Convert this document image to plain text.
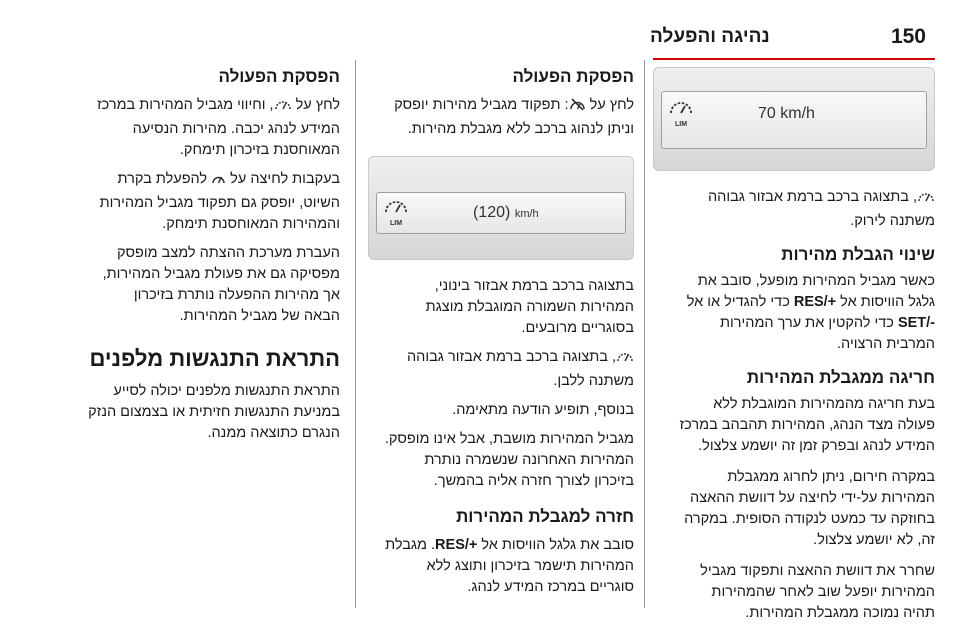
150
נהיגה והפעלה
LIM
70 km/h

, בתצוגה ברכב ברמת אבזור גבוהה
משתנה לירוק.

שינוי הגבלת מהירות

כאשר מגביל המהירות מופעל, סובב את
גלגל הוויסות אל RES/+ כדי להגדיל או אל
SET/- כדי להקטין את ערך המהירות
המרבית הרצויה.

חריגה ממגבלת המהירות

בעת חריגה מהמהירות המוגבלת ללא
פעולה מצד הנהג, המהירות תהבהב במרכז
המידע לנהג ובפרק זמן זה יושמע צלצול.

במקרה חירום, ניתן לחרוג ממגבלת
המהירות על-ידי לחיצה על דוושת ההאצה
בחוזקה עד כמעט לנקודה הסופית. במקרה
זה, לא יושמע צלצול.

שחרר את דוושת ההאצה ותפקוד מגביל
המהירות יופעל שוב לאחר שהמהירות
תהיה נמוכה ממגבלת המהירות.

הפסקת הפעולה

לחץ על : תפקוד מגביל מהירות יופסק
וניתן לנהוג ברכב ללא מגבלת מהירות.

LIM
(120) km/h

בתצוגה ברכב ברמת אבזור בינוני,
המהירות השמורה המוגבלת מוצגת
בסוגריים מרובעים.

, בתצוגה ברכב ברמת אבזור גבוהה
משתנה ללבן.

בנוסף, תופיע הודעה מתאימה.

מגביל המהירות מושבת, אבל אינו מופסק.
המהירות האחרונה שנשמרה נותרת
בזיכרון לצורך חזרה אליה בהמשך.

חזרה למגבלת המהירות

סובב את גלגל הוויסות אל RES/+. מגבלת
המהירות תישמר בזיכרון ותוצג ללא
סוגריים במרכז המידע לנהג.

הפסקת הפעולה

לחץ על , וחיווי מגביל המהירות במרכז
המידע לנהג יכבה. מהירות הנסיעה
המאוחסנת בזיכרון תימחק.

בעקבות לחיצה על  להפעלת בקרת
השיוט, יופסק גם תפקוד מגביל המהירות
והמהירות המאוחסנת תימחק.

העברת מערכת ההצתה למצב מופסק
מפסיקה גם את פעולת מגביל המהירות,
אך מהירות ההפעלה נותרת בזיכרון
הבאה של מגביל המהירות.

התראת התנגשות מלפנים

התראת התנגשות מלפנים יכולה לסייע
במניעת התנגשות חזיתית או בצמצום הנזק
הנגרם כתוצאה ממנה.
